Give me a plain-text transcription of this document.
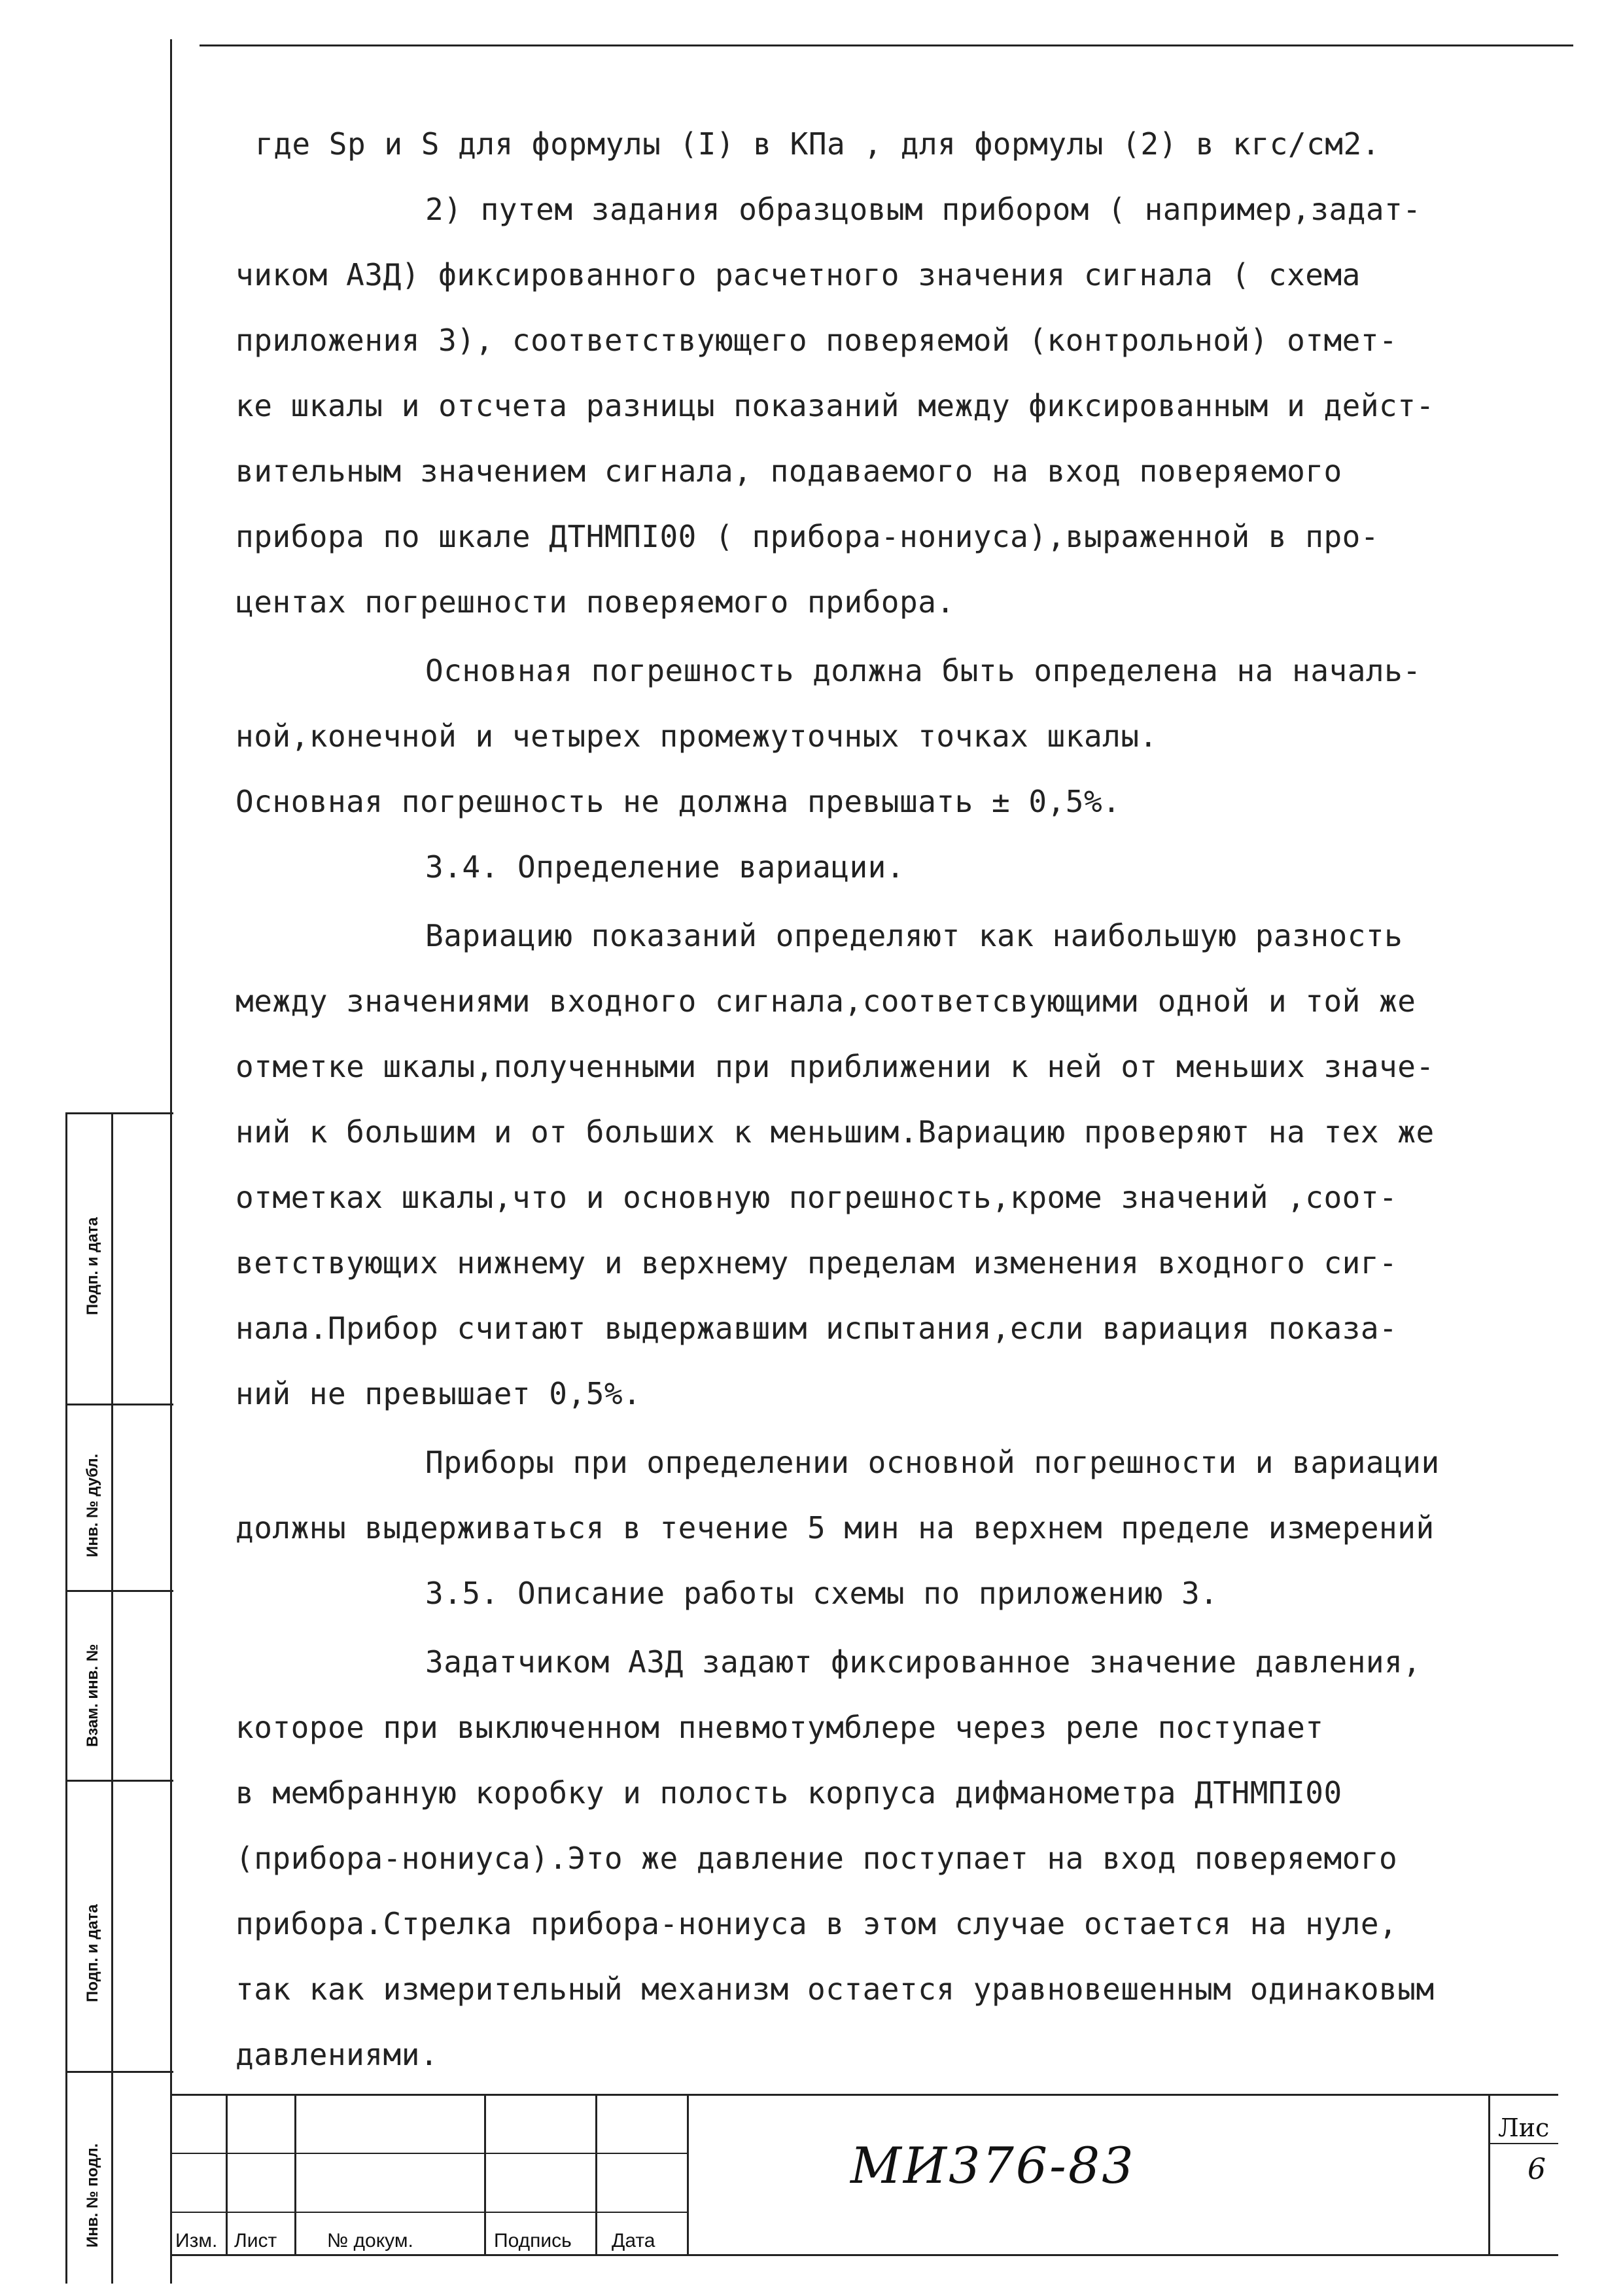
где Sр и S для формулы (I) в КПа , для формулы (2) в кгс/см2.
2) путем задания образцовым прибором ( например,задат-
чиком АЗД) фиксированного расчетного значения сигнала ( схема
приложения 3), соответствующего поверяемой (контрольной) отмет-
ке шкалы и отсчета разницы показаний между фиксированным и дейст-
вительным значением сигнала, подаваемого на вход поверяемого
прибора по шкале ДТНМПI00 ( прибора-нониуса),выраженной в про-
центах погрешности поверяемого прибора.
Основная погрешность должна быть определена на началь-
ной,конечной и четырех промежуточных точках шкалы.
Основная погрешность не должна превышать ± 0,5%.
3.4. Определение вариации.
Вариацию показаний определяют как наибольшую разность
между значениями входного сигнала,соответсвующими одной и той же
отметке шкалы,полученными при приближении к ней от меньших значе-
ний к большим и от больших к меньшим.Вариацию проверяют на тех же
отметках шкалы,что и основную погрешность,кроме значений ,соот-
ветствующих нижнему и верхнему пределам изменения входного сиг-
нала.Прибор считают выдержавшим испытания,если вариация показа-
ний не превышает 0,5%.
Приборы при определении основной погрешности и вариации
должны выдерживаться в течение 5 мин на верхнем пределе измерений
3.5. Описание работы схемы по приложению 3.
Задатчиком АЗД задают фиксированное значение давления,
которое при выключенном пневмотумблере через реле поступает
в мембранную коробку и полость корпуса дифманометра ДТНМПI00
(прибора-нониуса).Это же давление поступает на вход поверяемого
прибора.Стрелка прибора-нониуса в этом случае остается на нуле,
так как измерительный механизм остается уравновешенным одинаковым
давлениями.
Подп. и дата
Инв. № дубл.
Взам. инв. №
Подп. и дата
Инв. № подл.	Изм. Лист	№ докум.	Подпись Дата
МИ376-83
Лис
6
